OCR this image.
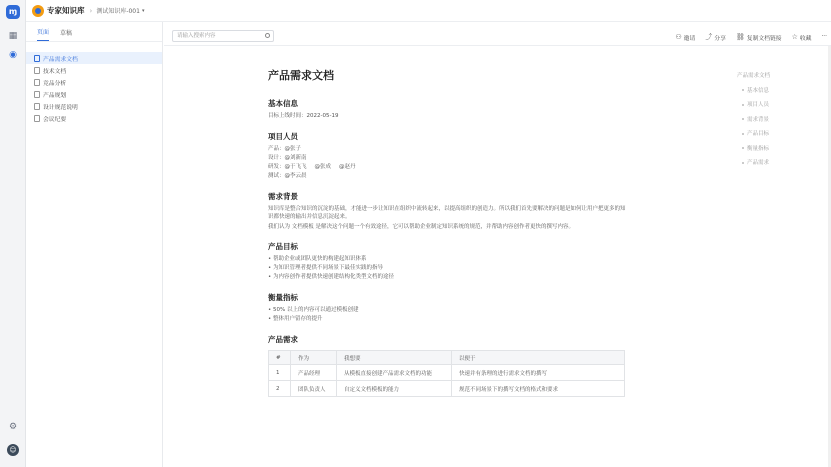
ɱ
▦
◉
⚙
☺
专家知识库 › 测试知识库-001 ▾
页面 草稿
产品需求文档
技术文档
竞品分析
产品规划
设计规范说明
会议纪要
请输入搜索内容	⚇ 邀请 ⤴ 分享 ⛓ 复制文档链接 ☆ 收藏 ···
产品需求文档
基本信息
目标上线时间：2022-05-19
项目人员
产品：@张子
设计：@刘新南
研发：@于飞飞 @张成 @赵丹
测试：@李云晨
需求背景

知识库是整合知识的沉淀的基础，才能进一步让知识在组织中流转起来，以提高组织的创造力。所以我们首先要解决的问题是如何让用户把更多的知识都快速的输出并信息沉淀起来。

我们认为 文档模板 是解决这个问题一个有效途径，它可以帮助企业制定知识系统的规范，并帮助内容创作者更快的撰写内容。

产品目标
• 帮助企业或团队更快的构建起知识体系
• 为知识管理者提供不同场景下最佳实践的指导
• 为内容创作者提供快速创建结构化类型文档的途径
衡量指标
• 50% 以上的内容可以通过模板创建
• 整体用户留存的提升
产品需求
#	作为	我想要	以便于
1	产品经理	从模板直接创建产品需求文档的功能	快速并有条理的进行需求文档的撰写
2	团队负责人	自定义文档模板的能力	规范不同场景下的撰写文档的格式和要求
产品需求文档
基本信息
项目人员
需求背景
产品目标
衡量指标
产品需求
